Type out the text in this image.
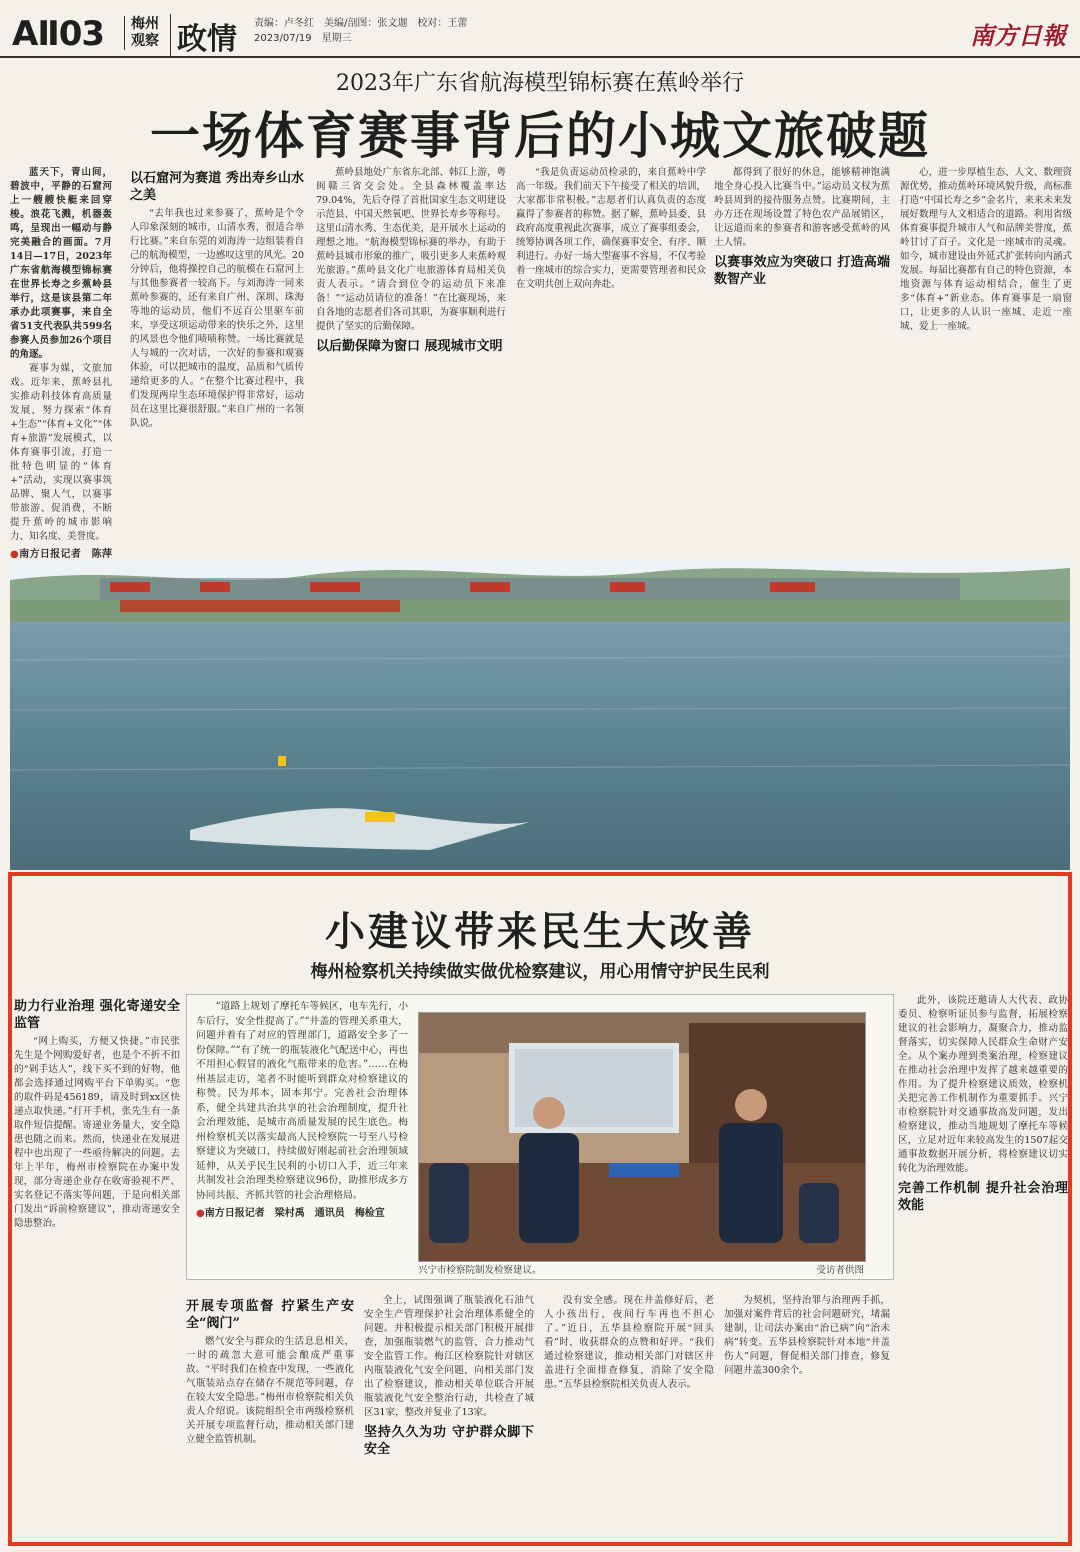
AⅡ03 梅州
观察 政情 责编：卢冬红　美编/剖图：张文迦　校对：王蕾
2023/07/19　星期三	南方日報
2023年广东省航海模型锦标赛在蕉岭举行
一场体育赛事背后的小城文旅破题

蓝天下，青山间，碧波中，平静的石窟河上一艘艘快艇来回穿梭。浪花飞溅，机器轰鸣，呈现出一幅动与静完美融合的画面。7月14日—17日，2023年广东省航海模型锦标赛在世界长寿之乡蕉岭县举行，这是该县第二年承办此项赛事，来自全省51支代表队共599名参赛人员参加26个项目的角逐。

赛事为媒，文旅加戏。近年来，蕉岭县扎实推动科技体育高质量发展，努力探索“体育+生态”“体育+文化”“体育+旅游”发展模式，以体育赛事引流，打造一批特色明显的“体育+”活动，实现以赛事筑品牌、聚人气，以赛事带旅游、促消费，不断提升蕉岭的城市影响力、知名度、美誉度。

●南方日报记者　陈萍　
以石窟河为赛道 秀出寿乡山水之美

“去年我也过来参赛了，蕉岭是个令人印象深刻的城市，山清水秀，很适合举行比赛。”来自东莞的刘海涛一边组装着自己的航海模型，一边感叹这里的风光。20分钟后，他将操控自己的航模在石窟河上与其他参赛者一较高下。与刘海涛一同来蕉岭参赛的，还有来自广州、深圳、珠海等地的运动员，他们不远百公里驱车前来，享受这项运动带来的快乐之外，这里的风景也令他们啧啧称赞。一场比赛就是人与城的一次对话，一次好的参赛和观赛体验，可以把城市的温度、品质和气质传递给更多的人。“在整个比赛过程中，我们发现两岸生态环境保护得非常好，运动员在这里比赛很舒服。”来自广州的一名领队说。

蕉岭县地处广东省东北部、韩江上游，粤闽赣三省交会处。全县森林覆盖率达79.04%，先后夺得了首批国家生态文明建设示范县、中国天然氧吧、世界长寿乡等称号。这里山清水秀、生态优美，是开展水上运动的理想之地。“航海模型锦标赛的举办，有助于蕉岭县城市形象的推广，吸引更多人来蕉岭观光旅游。”蕉岭县文化广电旅游体育局相关负责人表示。“请合到位令的运动员下来准备！”“运动员请位的准备！”在比赛现场，来自各地的志愿者们各司其职，为赛事顺利进行提供了坚实的后勤保障。

以后勤保障为窗口 展现城市文明

“我是负责运动员检录的，来自蕉岭中学高一年级。我们前天下午接受了相关的培训，大家都非常积极。”志愿者们认真负责的态度赢得了参赛者的称赞。据了解，蕉岭县委、县政府高度重视此次赛事，成立了赛事组委会，统筹协调各项工作，确保赛事安全、有序、顺利进行。办好一场大型赛事不容易，不仅考验着一座城市的综合实力，更需要管理者和民众在文明共创上双向奔赴。

都得到了很好的休息，能够精神饱满地全身心投入比赛当中。”运动员文权为蕉岭县周到的接待服务点赞。比赛期间，主办方还在现场设置了特色农产品展销区，让远道而来的参赛者和游客感受蕉岭的风土人情。

以赛事效应为突破口 打造高端数智产业

心，进一步厚植生态、人文、数理资源优势，推动蕉岭环境风貌升级，高标准打造“中国长寿之乡”金名片，来来未来发展好数理与人文相适合的道路。利用省级体育赛事提升城市人气和品牌美誉度，蕉岭甘讨了百子。文化是一座城市的灵魂。如今，城市建设由外延式扩张转向内涵式发展。每届比赛都有自己的特色资源，本地资源与体育运动相结合，催生了更多“体育+”新业态。体育赛事是一扇窗口，让更多的人认识一座城、走近一座城、爱上一座城。

小建议带来民生大改善
梅州检察机关持续做实做优检察建议，用心用情守护民生民利
助力行业治理 强化寄递安全监管

“网上购买，方便又快捷。”市民张先生是个网购爱好者，也是个不折不扣的“剁手达人”，线下买不到的好物，他都会选择通过网购平台下单购买。“您的取件码是456189，请及时到xx区快递点取快递。”打开手机，张先生有一条取件短信提醒。寄递业务量大，安全隐患也随之而来。然而，快递业在发展进程中也出现了一些亟待解决的问题。去年上半年，梅州市检察院在办案中发现，部分寄递企业存在收寄验视不严、实名登记不落实等问题，于是向相关部门发出“诉前检察建议”，推动寄递安全隐患整治。

“道路上规划了摩托车等候区，电车先行，小车后行，安全性提高了。”“井盖的管理关系重大，问题并着有了对应的管理部门，道路安全多了一份保障。”“有了统一的瓶装液化气配送中心，再也不用担心假冒的液化气瓶带来的危害。”……在梅州基层走访，笔者不时能听到群众对检察建议的称赞。民为邦本，固本邦宁。完善社会治理体系，健全共建共治共享的社会治理制度，提升社会治理效能，是城市高质量发展的民生底色。梅州检察机关以落实最高人民检察院一号至八号检察建议为突破口，持续做好刚起前社会治理领域延伸，从关乎民生民利的小切口入手，近三年来共制发社会治理类检察建议96份，助推形成多方协同共振、齐抓共管的社会治理格局。

●南方日报记者　梁村禹　通讯员　梅检宣
兴宁市检察院制发检察建议。	受访者供图

此外，该院还邀请人大代表、政协委员、检察听证员参与监督，拓展检察建议的社会影响力，凝聚合力，推动监督落实，切实保障人民群众生命财产安全。从个案办理到类案治理，检察建议在推动社会治理中发挥了越来越重要的作用。为了提升检察建议质效，检察机关把完善工作机制作为重要抓手。兴宁市检察院针对交通事故高发问题，发出检察建议，推动当地规划了摩托车等候区，立足对近年来较高发生的1507起交通事故数据开展分析，将检察建议切实转化为治理效能。

完善工作机制 提升社会治理效能
开展专项监督 拧紧生产安全“阀门”

燃气安全与群众的生活息息相关，一时的疏忽大意可能会酿成严重事故。“平时我们在检查中发现，一些液化气瓶装站点存在储存不规范等问题，存在较大安全隐患。”梅州市检察院相关负责人介绍说。该院组织全市两级检察机关开展专项监督行动，推动相关部门建立健全监管机制。

全上，试图强调了瓶装液化石油气安全生产管理保护社会治理体系健全的问题。并积极提示相关部门积极开展排查，加强瓶装燃气的监管，合力推动气安全监管工作。梅江区检察院针对辖区内瓶装液化气安全问题，向相关部门发出了检察建议，推动相关单位联合开展瓶装液化气安全整治行动，共检查了城区31家，整改并复业了13家。

坚持久久为功 守护群众脚下安全

没有安全感。现在井盖修好后，老人小孩出行，夜间行车再也不担心了。”近日，五华县检察院开展“回头看”时，收获群众的点赞和好评。“我们通过检察建议，推动相关部门对辖区井盖进行全面排查修复，消除了安全隐患。”五华县检察院相关负责人表示。

为契机，坚持治罪与治理两手抓，加强对案件背后的社会问题研究，堵漏建制，让司法办案由“治已病”向“治未病”转变。五华县检察院针对本地“井盖伤人”问题，督促相关部门排查，修复问题井盖300余个。
